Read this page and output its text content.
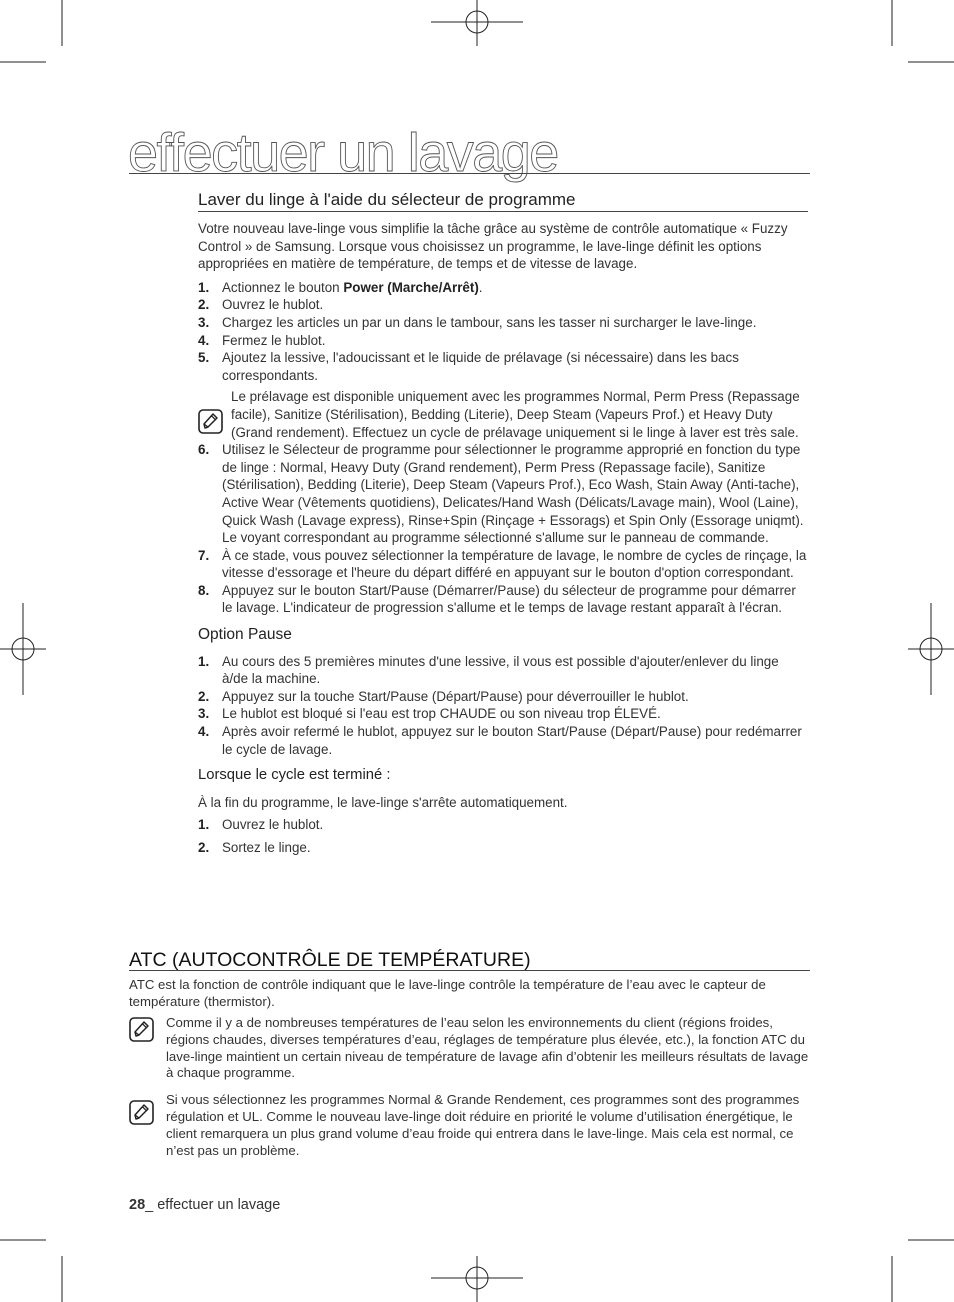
effectuer un lavage
Laver du linge à l'aide du sélecteur de programme

Votre nouveau lave-linge vous simplifie la tâche grâce au système de contrôle automatique « Fuzzy Control » de Samsung. Lorsque vous choisissez un programme, le lave-linge définit les options appropriées en matière de température, de temps et de vitesse de lavage.

1. Actionnez le bouton Power (Marche/Arrêt).
2. Ouvrez le hublot.
3. Chargez les articles un par un dans le tambour, sans les tasser ni surcharger le lave-linge.
4. Fermez le hublot.
5. Ajoutez la lessive, l'adoucissant et le liquide de prélavage (si nécessaire) dans les bacs correspondants.

Le prélavage est disponible uniquement avec les programmes Normal, Perm Press (Repassage facile), Sanitize (Stérilisation), Bedding (Literie), Deep Steam (Vapeurs Prof.) et Heavy Duty (Grand rendement). Effectuez un cycle de prélavage uniquement si le linge à laver est très sale.

6. Utilisez le Sélecteur de programme pour sélectionner le programme approprié en fonction du type de linge : Normal, Heavy Duty (Grand rendement), Perm Press (Repassage facile), Sanitize (Stérilisation), Bedding (Literie), Deep Steam (Vapeurs Prof.), Eco Wash, Stain Away (Anti-tache), Active Wear (Vêtements quotidiens), Delicates/Hand Wash (Délicats/Lavage main), Wool (Laine), Quick Wash (Lavage express), Rinse+Spin (Rinçage + Essorags) et Spin Only (Essorage uniqmt). Le voyant correspondant au programme sélectionné s'allume sur le panneau de commande.
7. À ce stade, vous pouvez sélectionner la température de lavage, le nombre de cycles de rinçage, la vitesse d'essorage et l'heure du départ différé en appuyant sur le bouton d'option correspondant.
8. Appuyez sur le bouton Start/Pause (Démarrer/Pause) du sélecteur de programme pour démarrer le lavage. L'indicateur de progression s'allume et le temps de lavage restant apparaît à l'écran.
Option Pause
1. Au cours des 5 premières minutes d'une lessive, il vous est possible d'ajouter/enlever du linge à/de la machine.
2. Appuyez sur la touche Start/Pause (Départ/Pause) pour déverrouiller le hublot.
3. Le hublot est bloqué si l'eau est trop CHAUDE ou son niveau trop ÉLEVÉ.
4. Après avoir refermé le hublot, appuyez sur le bouton Start/Pause (Départ/Pause) pour redémarrer le cycle de lavage.
Lorsque le cycle est terminé :

À la fin du programme, le lave-linge s'arrête automatiquement.

1. Ouvrez le hublot.
2. Sortez le linge.
ATC (AUTOCONTRÔLE DE TEMPÉRATURE)

ATC est la fonction de contrôle indiquant que le lave-linge contrôle la température de l’eau avec le capteur de température (thermistor).

Comme il y a de nombreuses températures de l’eau selon les environnements du client (régions froides, régions chaudes, diverses températures d’eau, réglages de température plus élevée, etc.), la fonction ATC du lave-linge maintient un certain niveau de température de lavage afin d’obtenir les meilleurs résultats de lavage à chaque programme.

Si vous sélectionnez les programmes Normal & Grande Rendement, ces programmes sont des programmes régulation et UL. Comme le nouveau lave-linge doit réduire en priorité le volume d’utilisation énergétique, le client remarquera un plus grand volume d’eau froide qui entrera dans le lave-linge. Mais cela est normal, ce n’est pas un problème.

28_ effectuer un lavage
